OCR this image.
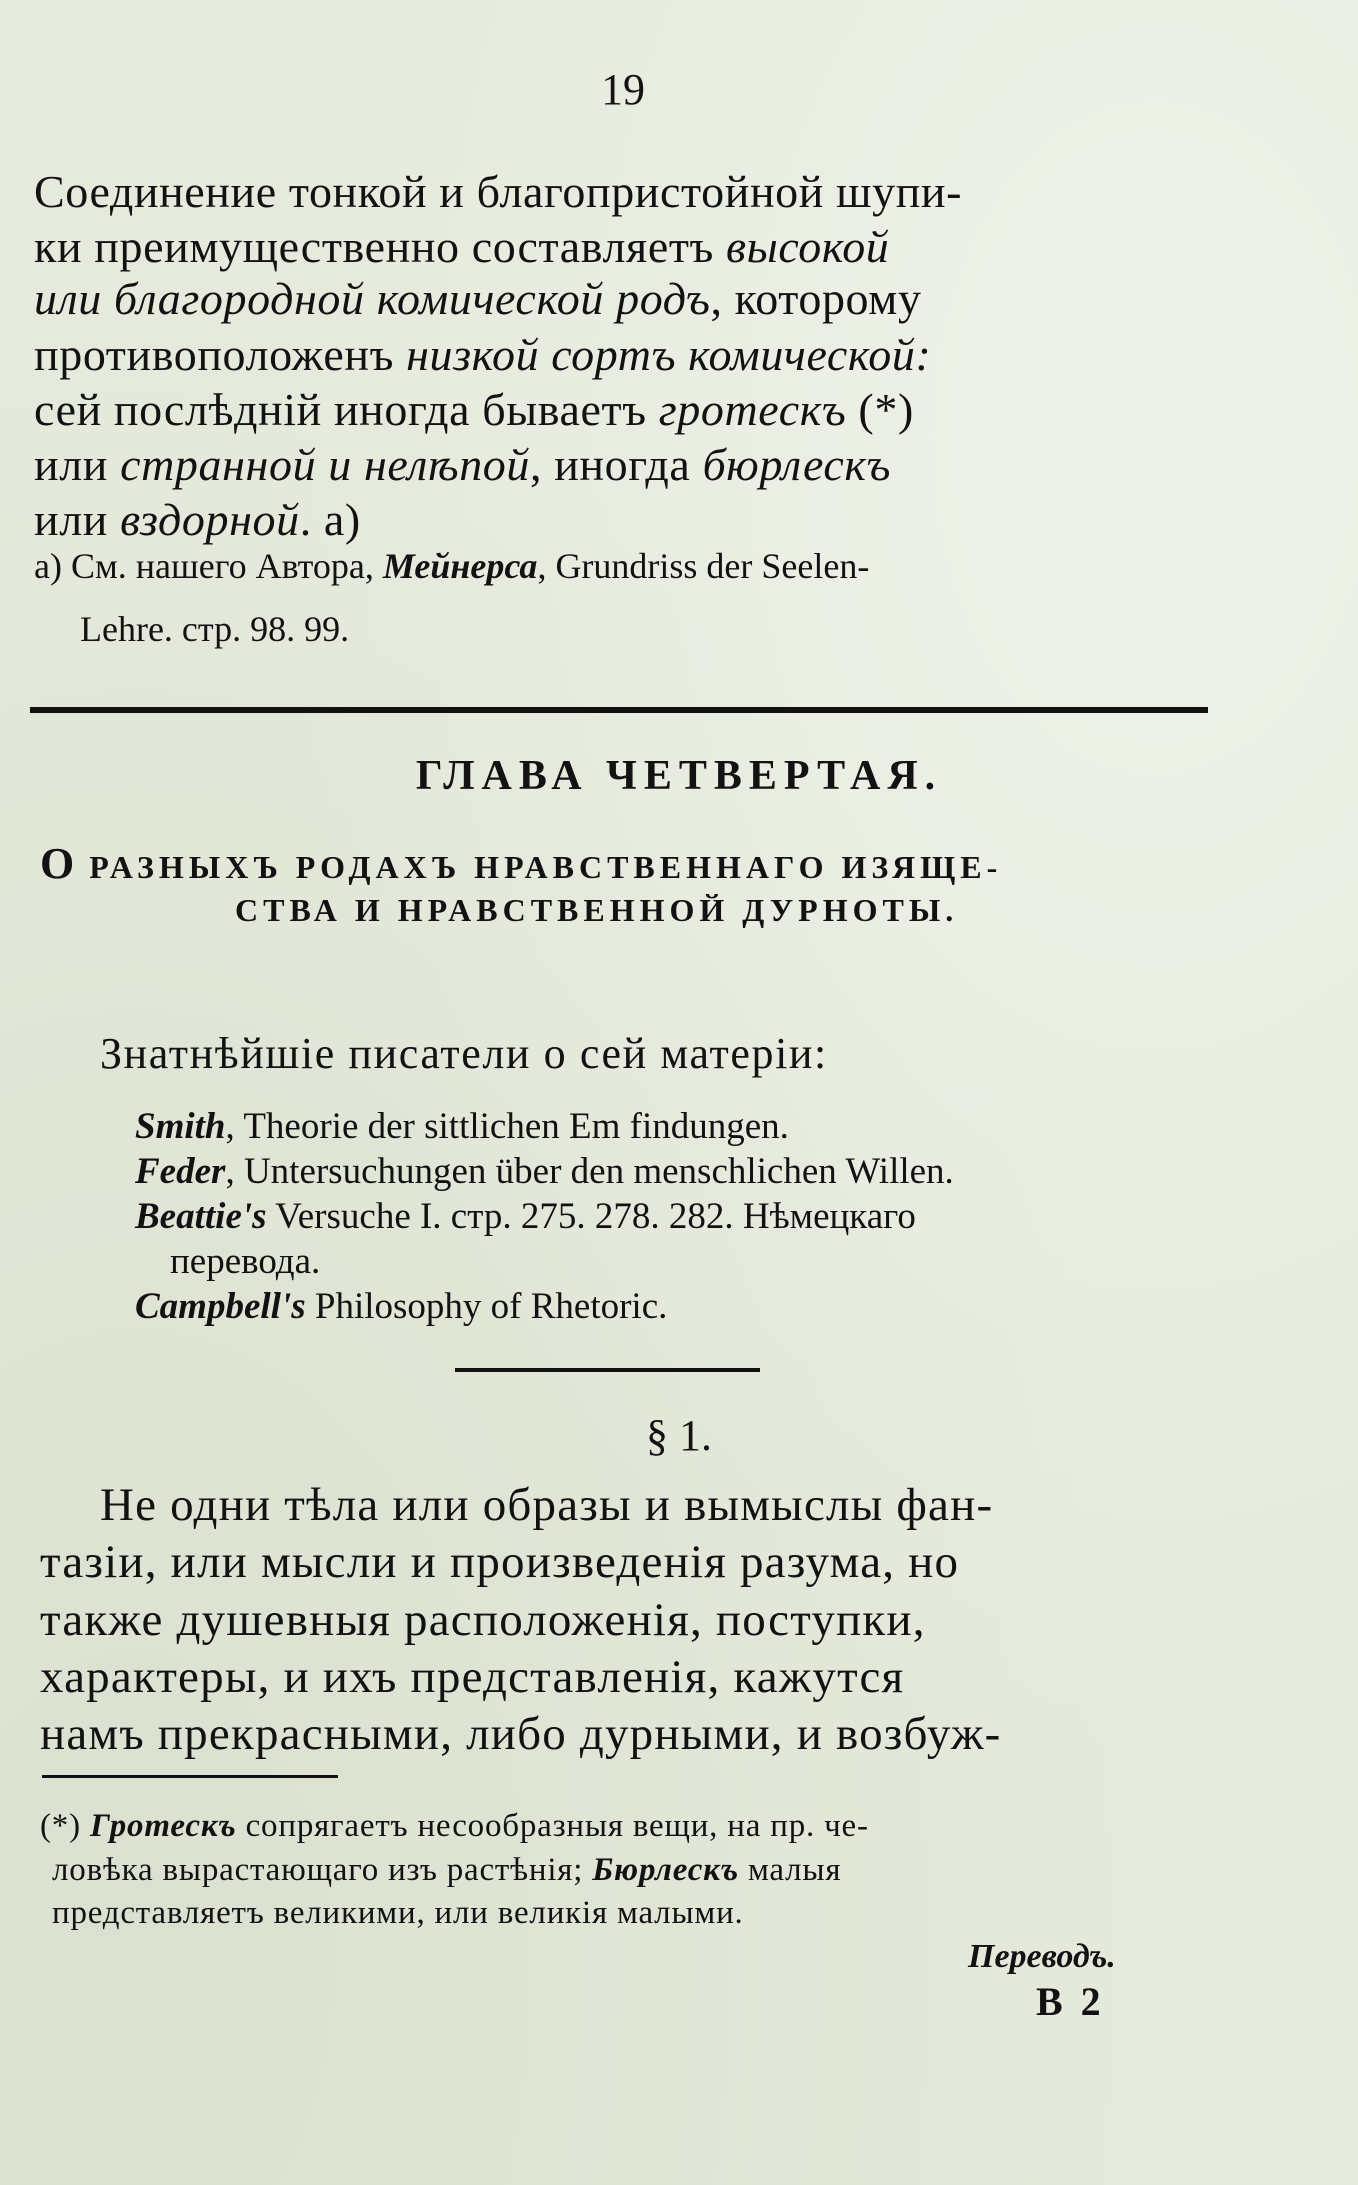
19
Соединение тонкой и благопристойной шупи-
ки преимущественно составляетъ высокой
или благородной комической родъ, которому
противоположенъ низкой сортъ комической:
сей послѣдній иногда бываетъ гротескъ (*)
или странной и нелѣпой, иногда бюрлескъ
или вздорной. а)
а) См. нашего Автора, Мейнерса, Grundriss der Seelen-
Lehre. стр. 98. 99.
ГЛАВА ЧЕТВЕРТАЯ.
О РАЗНЫХЪ РОДАХЪ НРАВСТВЕННАГО ИЗЯЩЕ-
СТВА И НРАВСТВЕННОЙ ДУРНОТЫ.
Знатнѣйшіе писатели о сей матеріи:
Smith, Theorie der sittlichen Em findungen.
Feder, Untersuchungen über den menschlichen Willen.
Beattie's Versuche I. стр. 275. 278. 282. Нѣмецкаго
перевода.
Campbell's Philosophy of Rhetoric.
§ 1.
Не одни тѣла или образы и вымыслы фан-
тазіи, или мысли и произведенія разума, но
также душевныя расположенія, поступки,
характеры, и ихъ представленія, кажутся
намъ прекрасными, либо дурными, и возбуж-
(*) Гротескъ сопрягаетъ несообразныя вещи, на пр. че-
ловѣка вырастающаго изъ растѣнія; Бюрлескъ малыя
представляетъ великими, или великія малыми.
Переводъ.
В 2
